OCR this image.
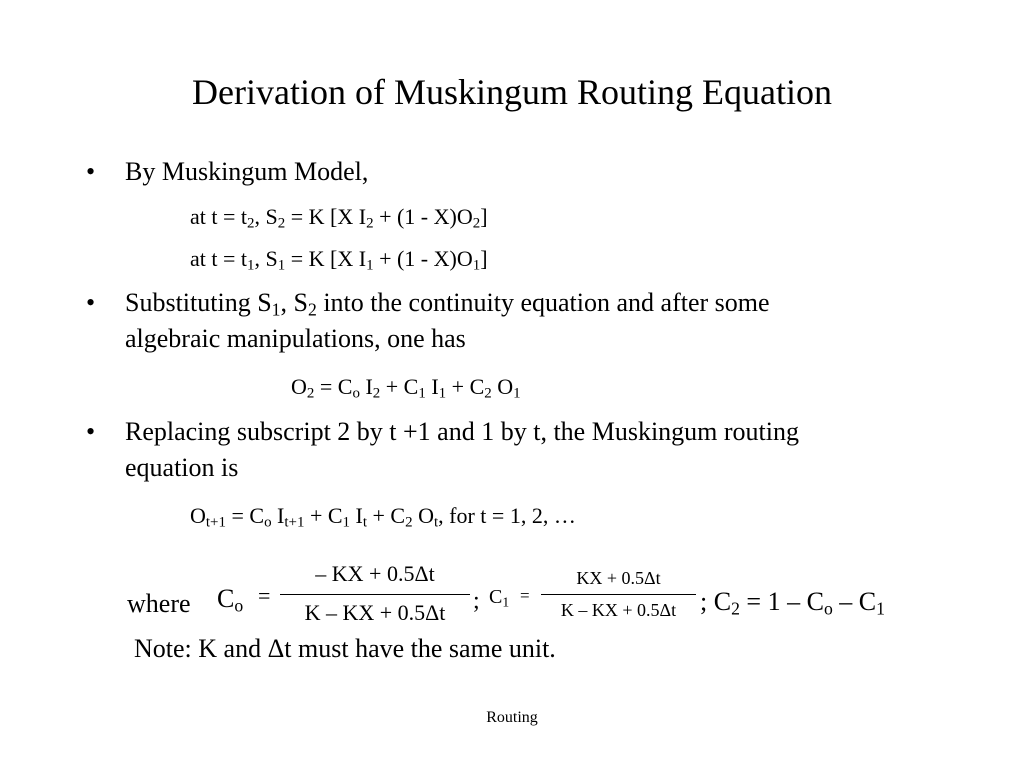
Derivation of Muskingum Routing Equation
• By Muskingum Model,
at $t = t_2$, $S_2 = K$ [X $I_2 + (1 - X)O_2$]
at $t = t_1$, $S_1 = K$ [X $I_1 + (1 - X)O_1$]
• Substituting $S_1$, $S_2$ into the continuity equation and after some
algebraic manipulations, one has
$O_2 = C_o$ $I_2 + C_1$ $I_1 + C_2$ $O_1$
• Replacing subscript 2 by t +1 and 1 by t, the Muskingum routing
equation is
$O_{t+1} = C_o$ $I_{t+1} + C_1$ $I_t + C_2$ $O_t$, for t = 1, 2, …
where $C_o$ =
– KX + 0.5Δt
K – KX + 0.5Δt	; $C_1$ =
KX + 0.5Δt
K – KX + 0.5Δt ; $C_2 = 1 - C_o - C_1$
Note: K and Δt must have the same unit.
Routing
